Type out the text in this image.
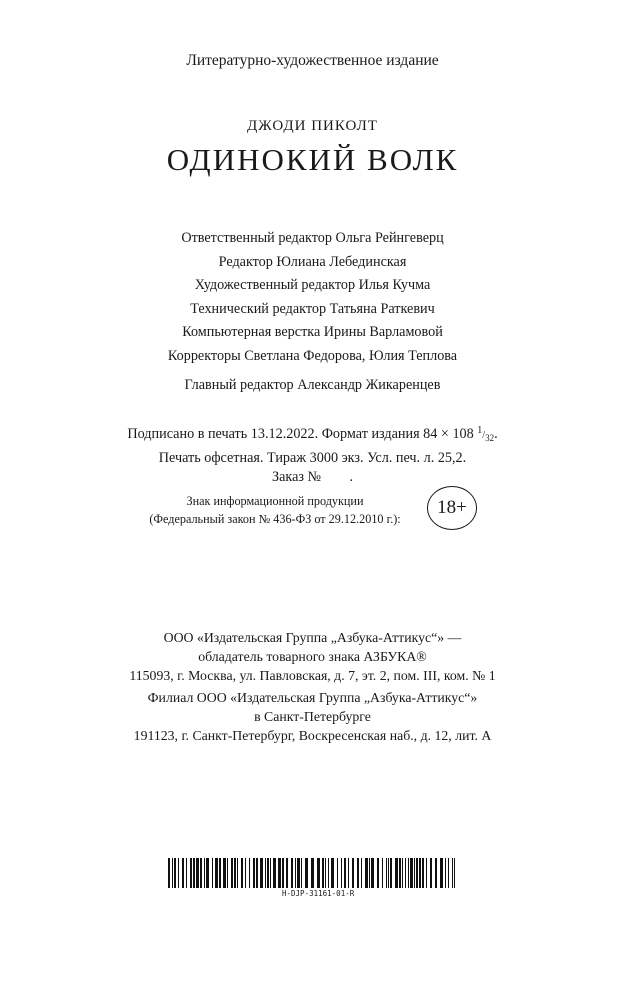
Литературно-художественное издание
ДЖОДИ ПИКОЛТ
ОДИНОКИЙ ВОЛК
Ответственный редактор Ольга Рейнгеверц
Редактор Юлиана Лебединская
Художественный редактор Илья Кучма
Технический редактор Татьяна Раткевич
Компьютерная верстка Ирины Варламовой
Корректоры Светлана Федорова, Юлия Теплова
Главный редактор Александр Жикаренцев
Подписано в печать 13.12.2022. Формат издания 84 × 108 $^1/_{32}$.
Печать офсетная. Тираж 3000 экз. Усл. печ. л. 25,2.
Заказ №        .
Знак информационной продукции
(Федеральный закон № 436-ФЗ от 29.12.2010 г.):
18+
ООО «Издательская Группа „Азбука-Аттикус“» —
обладатель товарного знака АЗБУКА®
115093, г. Москва, ул. Павловская, д. 7, эт. 2, пом. III, ком. № 1
Филиал ООО «Издательская Группа „Азбука-Аттикус“»
в Санкт-Петербурге
191123, г. Санкт-Петербург, Воскресенская наб., д. 12, лит. А
H-DJP-31161-01-R
